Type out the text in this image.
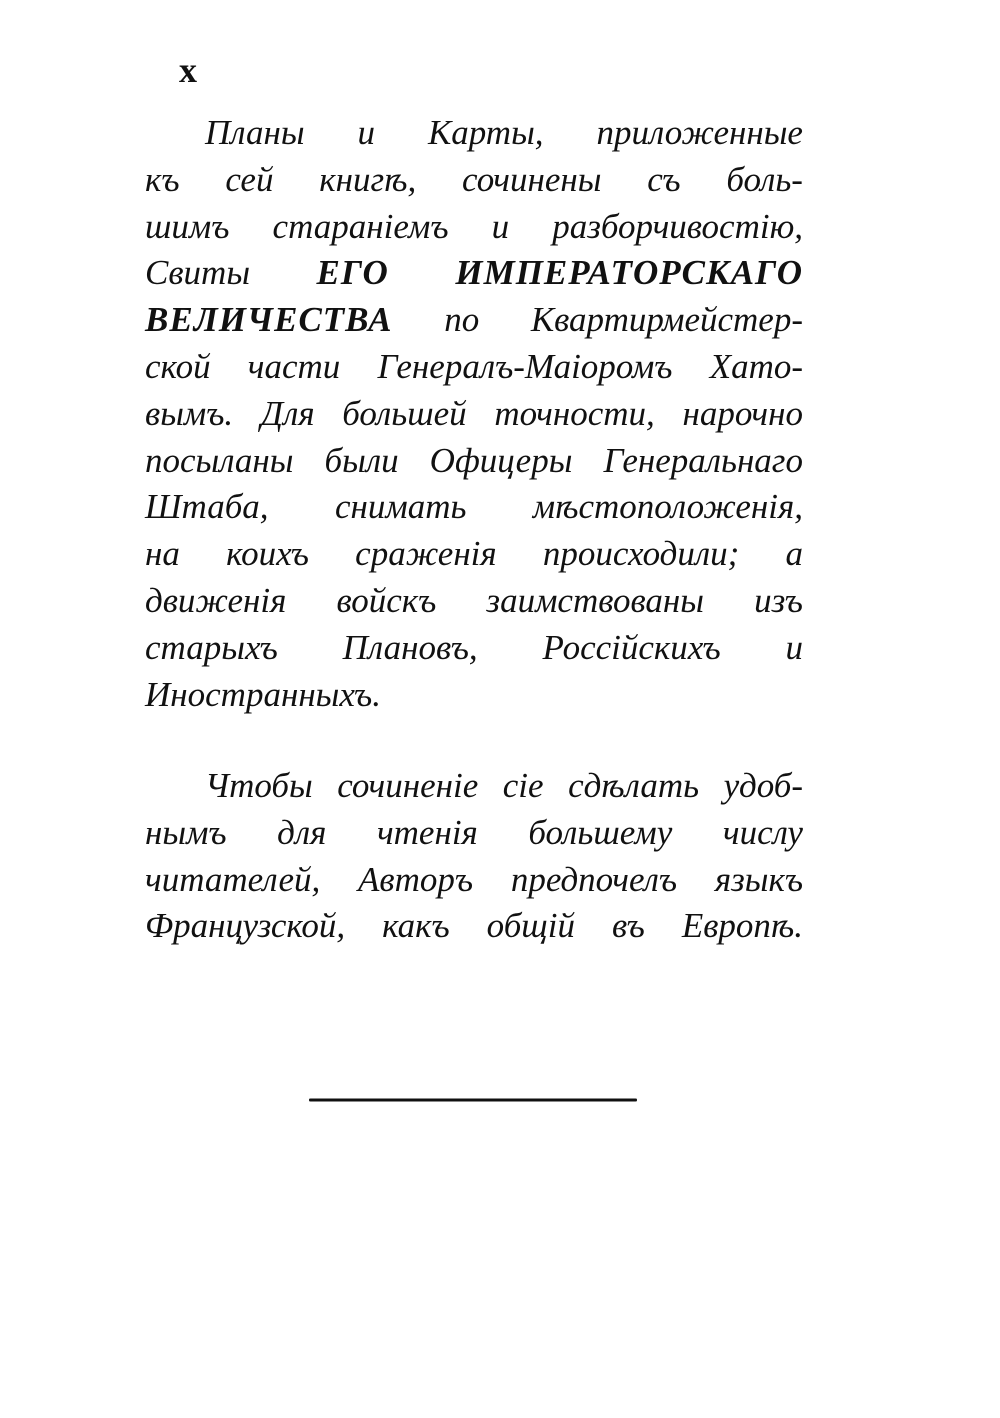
x
Планы и Карты, приложенные
къ сей книгѣ, сочинены съ боль-
шимъ стараніемъ и разборчивостію,
Свиты ЕГО ИМПЕРАТОРСКАГО
ВЕЛИЧЕСТВА по Квартирмейстер-
ской части Генералъ-Маіоромъ Хато-
вымъ. Для большей точности, нарочно
посыланы были Офицеры Генеральнаго
Штаба, снимать мѣстоположенія,
на коихъ сраженія происходили; а
движенія войскъ заимствованы изъ
старыхъ Плановъ, Россійскихъ и
Иностранныхъ.
Чтобы сочиненіе сіе сдѣлать удоб-
нымъ для чтенія большему числу
читателей, Авторъ предпочелъ языкъ
Французской, какъ общій въ Европѣ.
